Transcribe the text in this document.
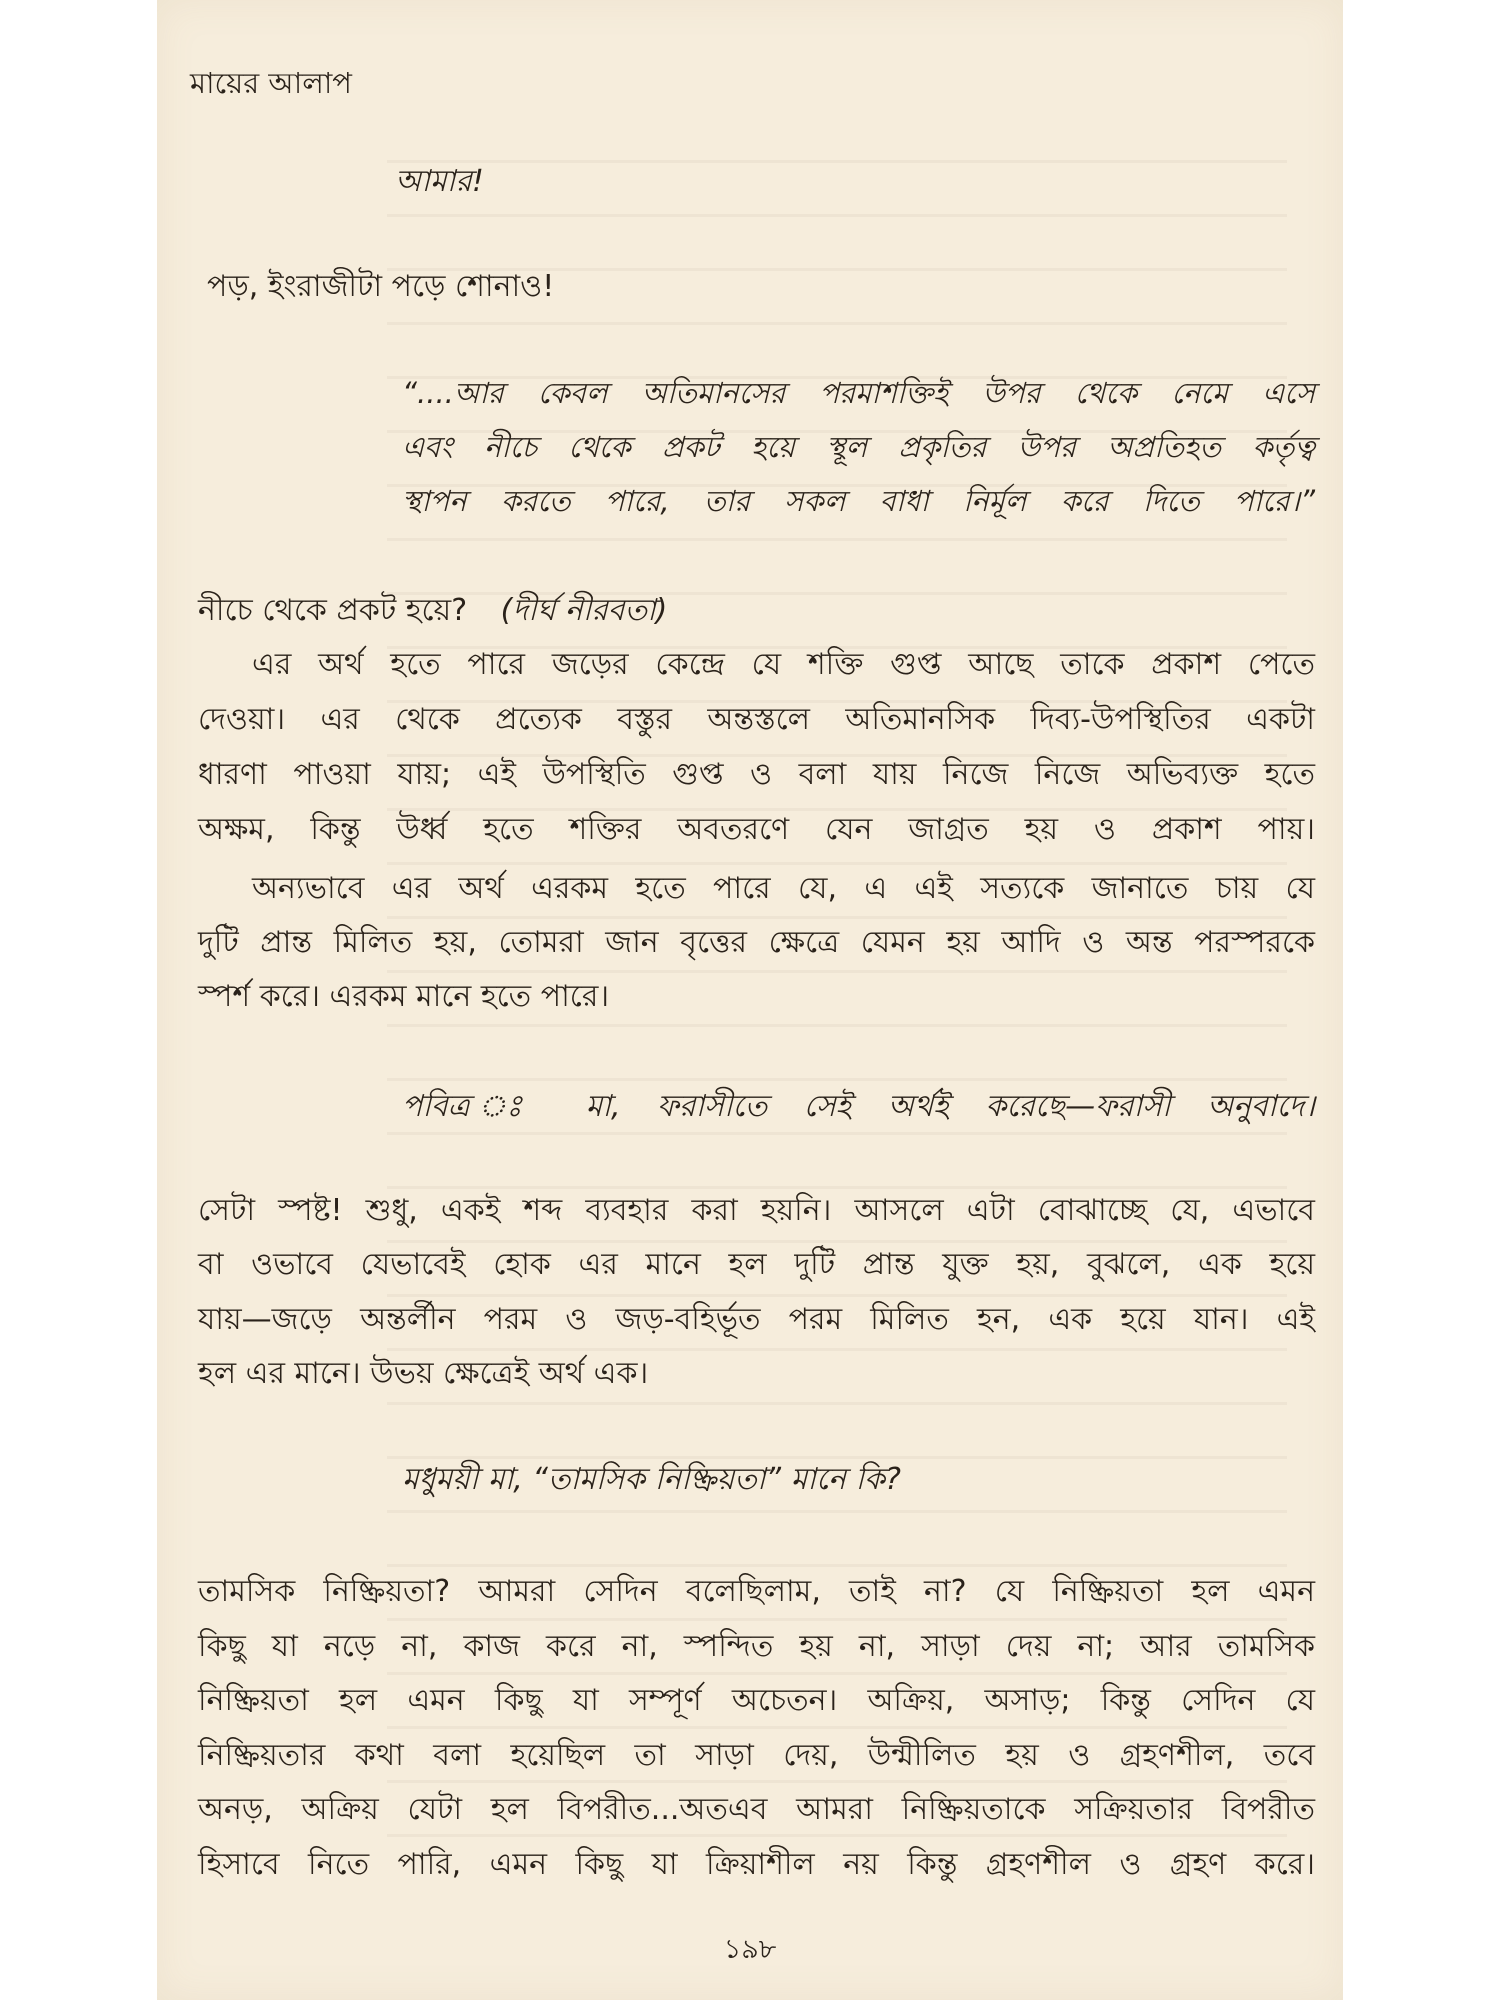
মায়ের আলাপ
আমার!
পড়, ইংরাজীটা পড়ে শোনাও!
“....আর কেবল অতিমানসের পরমাশক্তিই উপর থেকে নেমে এসে
এবং নীচে থেকে প্রকট হয়ে স্থূল প্রকৃতির উপর অপ্রতিহত কর্তৃত্ব
স্থাপন করতে পারে, তার সকল বাধা নির্মূল করে দিতে পারে।”
নীচে থেকে প্রকট হয়ে? (দীর্ঘ নীরবতা)
এর অর্থ হতে পারে জড়ের কেন্দ্রে যে শক্তি গুপ্ত আছে তাকে প্রকাশ পেতে
দেওয়া। এর থেকে প্রত্যেক বস্তুর অন্তস্তলে অতিমানসিক দিব্য-উপস্থিতির একটা
ধারণা পাওয়া যায়; এই উপস্থিতি গুপ্ত ও বলা যায় নিজে নিজে অভিব্যক্ত হতে
অক্ষম, কিন্তু উর্ধ্ব হতে শক্তির অবতরণে যেন জাগ্রত হয় ও প্রকাশ পায়।
অন্যভাবে এর অর্থ এরকম হতে পারে যে, এ এই সত্যকে জানাতে চায় যে
দুটি প্রান্ত মিলিত হয়, তোমরা জান বৃত্তের ক্ষেত্রে যেমন হয় আদি ও অন্ত পরস্পরকে
স্পর্শ করে। এরকম মানে হতে পারে।
পবিত্র ঃ মা, ফরাসীতে সেই অর্থই করেছে—ফরাসী অনুবাদে।
সেটা স্পষ্ট! শুধু, একই শব্দ ব্যবহার করা হয়নি। আসলে এটা বোঝাচ্ছে যে, এভাবে
বা ওভাবে যেভাবেই হোক এর মানে হল দুটি প্রান্ত যুক্ত হয়, বুঝলে, এক হয়ে
যায়—জড়ে অন্তর্লীন পরম ও জড়-বহির্ভূত পরম মিলিত হন, এক হয়ে যান। এই
হল এর মানে। উভয় ক্ষেত্রেই অর্থ এক।
মধুময়ী মা, “তামসিক নিষ্ক্রিয়তা” মানে কি?
তামসিক নিষ্ক্রিয়তা? আমরা সেদিন বলেছিলাম, তাই না? যে নিষ্ক্রিয়তা হল এমন
কিছু যা নড়ে না, কাজ করে না, স্পন্দিত হয় না, সাড়া দেয় না; আর তামসিক
নিষ্ক্রিয়তা হল এমন কিছু যা সম্পূর্ণ অচেতন। অক্রিয়, অসাড়; কিন্তু সেদিন যে
নিষ্ক্রিয়তার কথা বলা হয়েছিল তা সাড়া দেয়, উন্মীলিত হয় ও গ্রহণশীল, তবে
অনড়, অক্রিয় যেটা হল বিপরীত...অতএব আমরা নিষ্ক্রিয়তাকে সক্রিয়তার বিপরীত
হিসাবে নিতে পারি, এমন কিছু যা ক্রিয়াশীল নয় কিন্তু গ্রহণশীল ও গ্রহণ করে।
১৯৮
